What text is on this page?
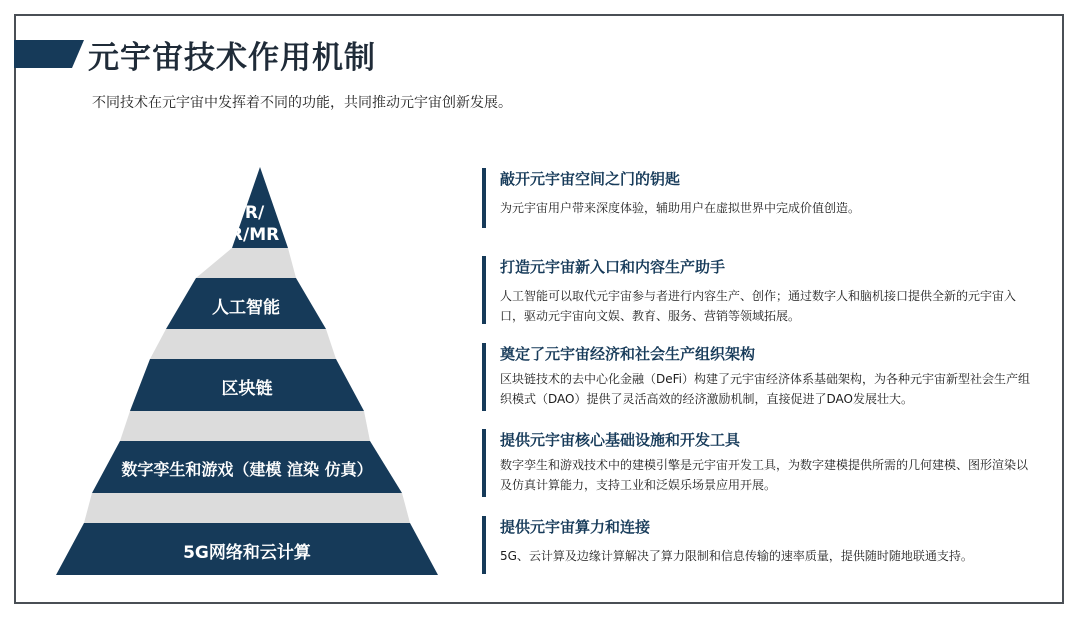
元宇宙技术作用机制
不同技术在元宇宙中发挥着不同的功能，共同推动元宇宙创新发展。
VR/
AR/MR
人工智能
区块链
数字孪生和游戏（建模 渲染 仿真）
5G网络和云计算
敲开元宇宙空间之门的钥匙
为元宇宙用户带来深度体验，辅助用户在虚拟世界中完成价值创造。
打造元宇宙新入口和内容生产助手
人工智能可以取代元宇宙参与者进行内容生产、创作；通过数字人和脑机接口提供全新的元宇宙入口，驱动元宇宙向文娱、教育、服务、营销等领域拓展。
奠定了元宇宙经济和社会生产组织架构
区块链技术的去中心化金融（DeFi）构建了元宇宙经济体系基础架构，为各种元宇宙新型社会生产组织模式（DAO）提供了灵活高效的经济激励机制，直接促进了DAO发展壮大。
提供元宇宙核心基础设施和开发工具
数字孪生和游戏技术中的建模引擎是元宇宙开发工具，为数字建模提供所需的几何建模、图形渲染以及仿真计算能力，支持工业和泛娱乐场景应用开展。
提供元宇宙算力和连接
5G、云计算及边缘计算解决了算力限制和信息传输的速率质量，提供随时随地联通支持。
